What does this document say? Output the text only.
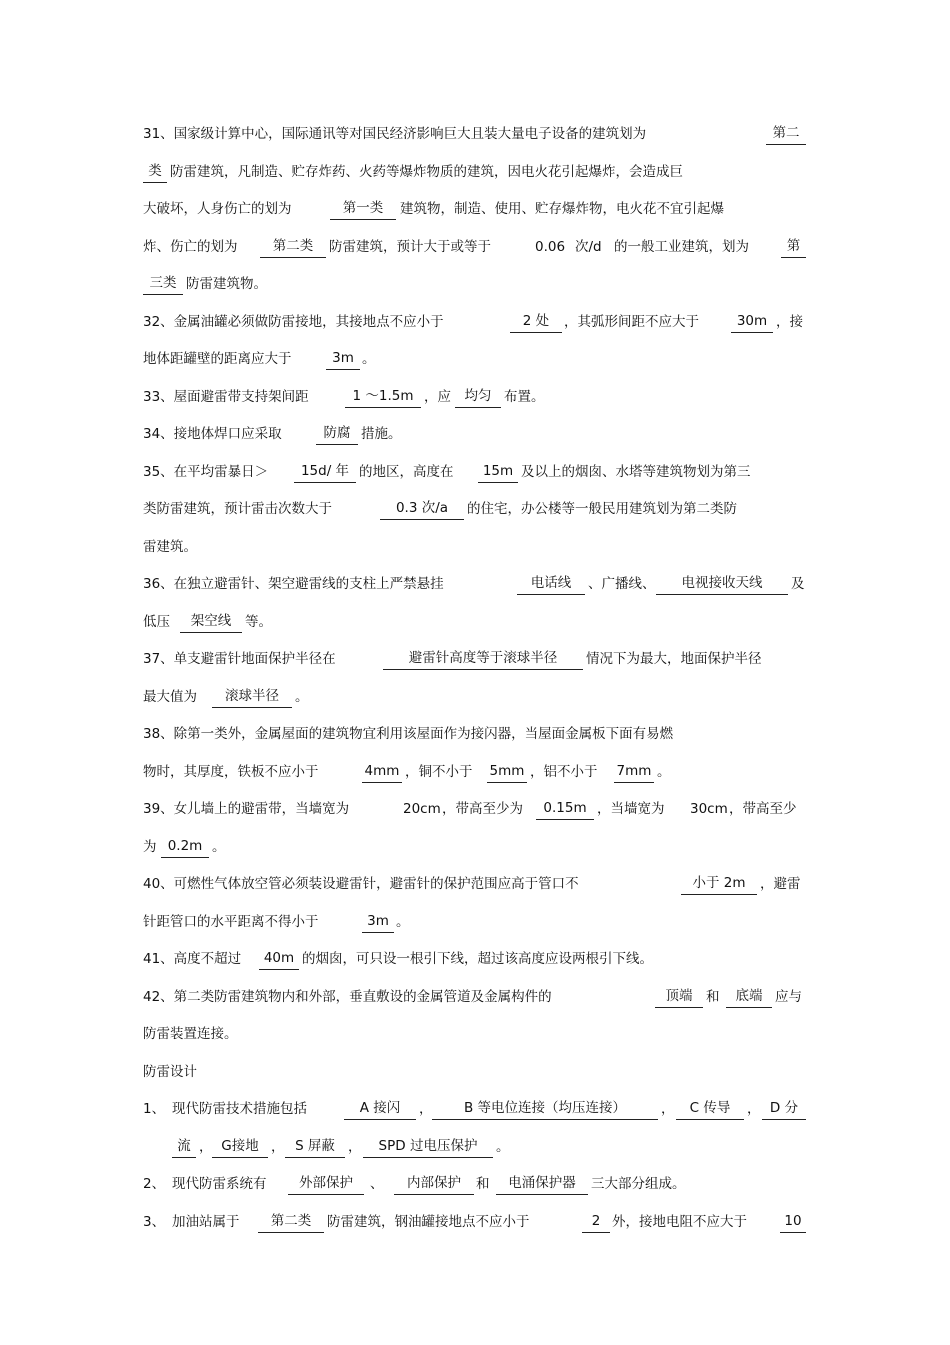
31、国家级计算中心，国际通讯等对国民经济影响巨大且装大量电子设备的建筑划为	第二
类 防雷建筑，凡制造、贮存炸药、火药等爆炸物质的建筑，因电火花引起爆炸，会造成巨
大破坏，人身伤亡的划为	第一类	建筑物，制造、使用、贮存爆炸物，电火花不宜引起爆
炸、伤亡的划为	第二类	防雷建筑，预计大于或等于	0.06 次/d 的一般工业建筑，划为	第
三类 防雷建筑物。
32、金属油罐必须做防雷接地，其接地点不应小于	2 处	，其弧形间距不应大于	30m ，接
地体距罐壁的距离应大于	3m 。
33、屋面避雷带支持架间距	1 ～1.5m ，应	均匀 布置。
34、接地体焊口应采取	防腐 措施。
35、在平均雷暴日＞	15d/ 年 的地区，高度在	15m 及以上的烟囱、水塔等建筑物划为第三
类防雷建筑，预计雷击次数大于	0.3 次/a	的住宅，办公楼等一般民用建筑划为第二类防
雷建筑。
36、在独立避雷针、架空避雷线的支柱上严禁悬挂	电话线	、广播线、	电视接收天线	及
低压	架空线	等。
37、单支避雷针地面保护半径在	避雷针高度等于滚球半径	情况下为最大，地面保护半径
最大值为	滚球半径	。
38、除第一类外，金属屋面的建筑物宜利用该屋面作为接闪器，当屋面金属板下面有易燃
物时，其厚度，铁板不应小于	4mm ，铜不小于 5mm ，铝不小于 7mm 。
39、女儿墙上的避雷带，当墙宽为	20cm ，带高至少为	0.15m ，当墙宽为 30cm ，带高至少
为 0.2m 。
40、可燃性气体放空管必须装设避雷针，避雷针的保护范围应高于管口不	小于 2m	，避雷
针距管口的水平距离不得小于	3m 。
41、高度不超过	40m 的烟囱，可只设一根引下线，超过该高度应设两根引下线。
42、第二类防雷建筑物内和外部，垂直敷设的金属管道及金属构件的	顶端	和	底端 应与
防雷装置连接。
防雷设计
1、 现代防雷技术措施包括	A 接闪	，	B 等电位连接（均压连接）	，	C 传导	， D 分
流 ， G接地 ， S 屏蔽 ，	SPD 过电压保护	。
2、 现代防雷系统有	外部保护	、	内部保护	和	电涌保护器	三大部分组成。
3、 加油站属于	第二类	防雷建筑，钢油罐接地点不应小于	2 外，接地电阻不应大于	10
